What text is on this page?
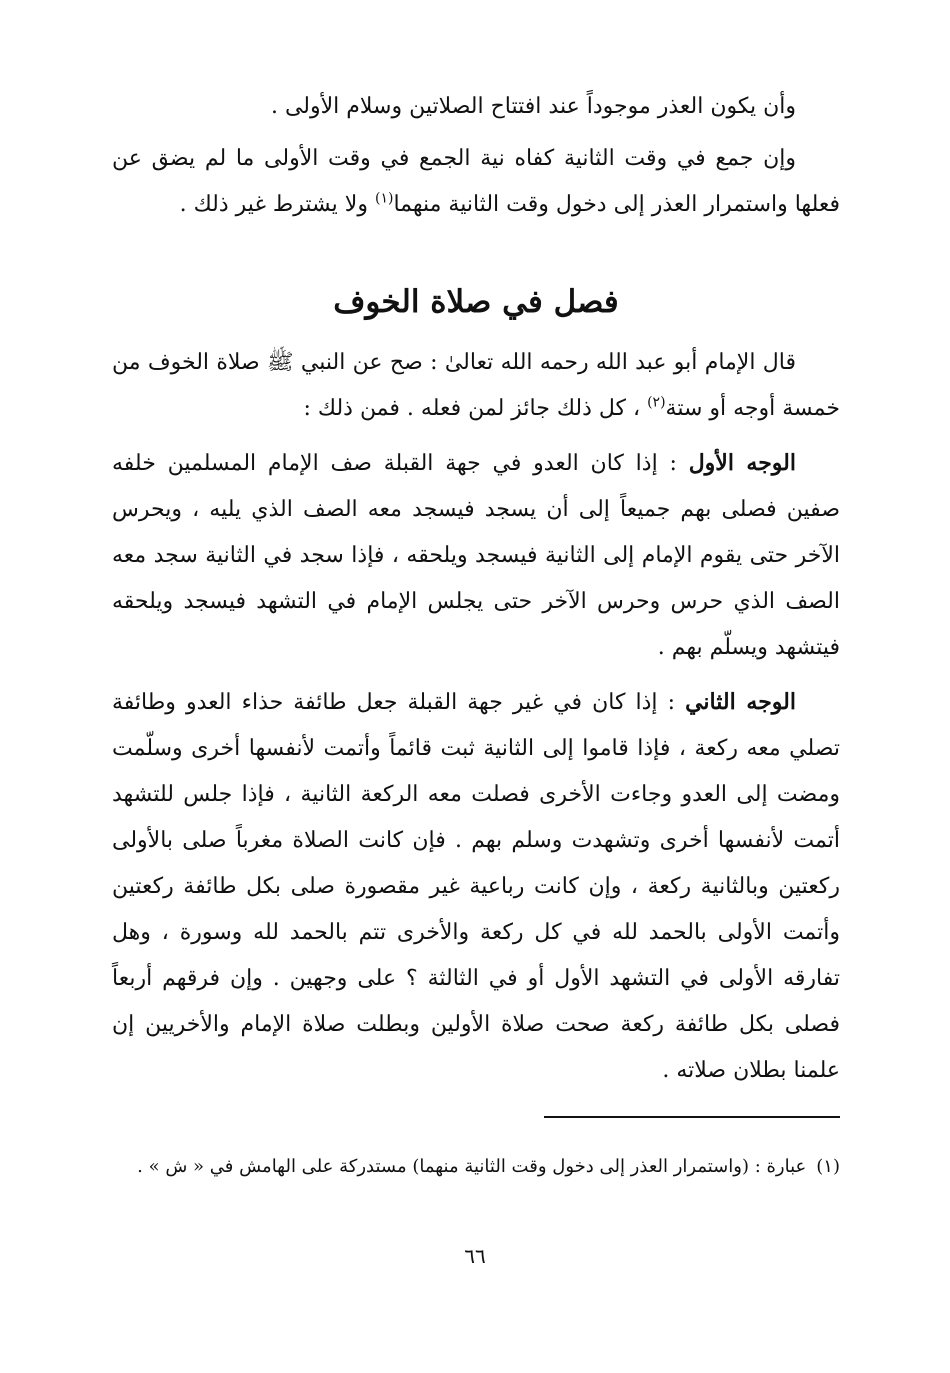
وأن يكون العذر موجوداً عند افتتاح الصلاتين وسلام الأولى .

وإن جمع في وقت الثانية كفاه نية الجمع في وقت الأولى ما لم يضق عن فعلها واستمرار العذر إلى دخول وقت الثانية منهما$^{(١)}$ ولا يشترط غير ذلك .

فصل في صلاة الخوف

قال الإمام أبو عبد الله رحمه الله تعالىٰ : صح عن النبي ﷺ صلاة الخوف من خمسة أوجه أو ستة$^{(٢)}$ ، كل ذلك جائز لمن فعله . فمن ذلك :

الوجه الأول : إذا كان العدو في جهة القبلة صف الإمام المسلمين خلفه صفين فصلى بهم جميعاً إلى أن يسجد فيسجد معه الصف الذي يليه ، ويحرس الآخر حتى يقوم الإمام إلى الثانية فيسجد ويلحقه ، فإذا سجد في الثانية سجد معه الصف الذي حرس وحرس الآخر حتى يجلس الإمام في التشهد فيسجد ويلحقه فيتشهد ويسلّم بهم .

الوجه الثاني : إذا كان في غير جهة القبلة جعل طائفة حذاء العدو وطائفة تصلي معه ركعة ، فإذا قاموا إلى الثانية ثبت قائماً وأتمت لأنفسها أخرى وسلّمت ومضت إلى العدو وجاءت الأخرى فصلت معه الركعة الثانية ، فإذا جلس للتشهد أتمت لأنفسها أخرى وتشهدت وسلم بهم . فإن كانت الصلاة مغرباً صلى بالأولى ركعتين وبالثانية ركعة ، وإن كانت رباعية غير مقصورة صلى بكل طائفة ركعتين وأتمت الأولى بالحمد لله في كل ركعة والأخرى تتم بالحمد لله وسورة ، وهل تفارقه الأولى في التشهد الأول أو في الثالثة ؟ على وجهين . وإن فرقهم أربعاً فصلى بكل طائفة ركعة صحت صلاة الأولين وبطلت صلاة الإمام والأخريين إن علمنا بطلان صلاته .

(١)عبارة : (واستمرار العذر إلى دخول وقت الثانية منهما) مستدركة على الهامش في « ش » .
٦٦
